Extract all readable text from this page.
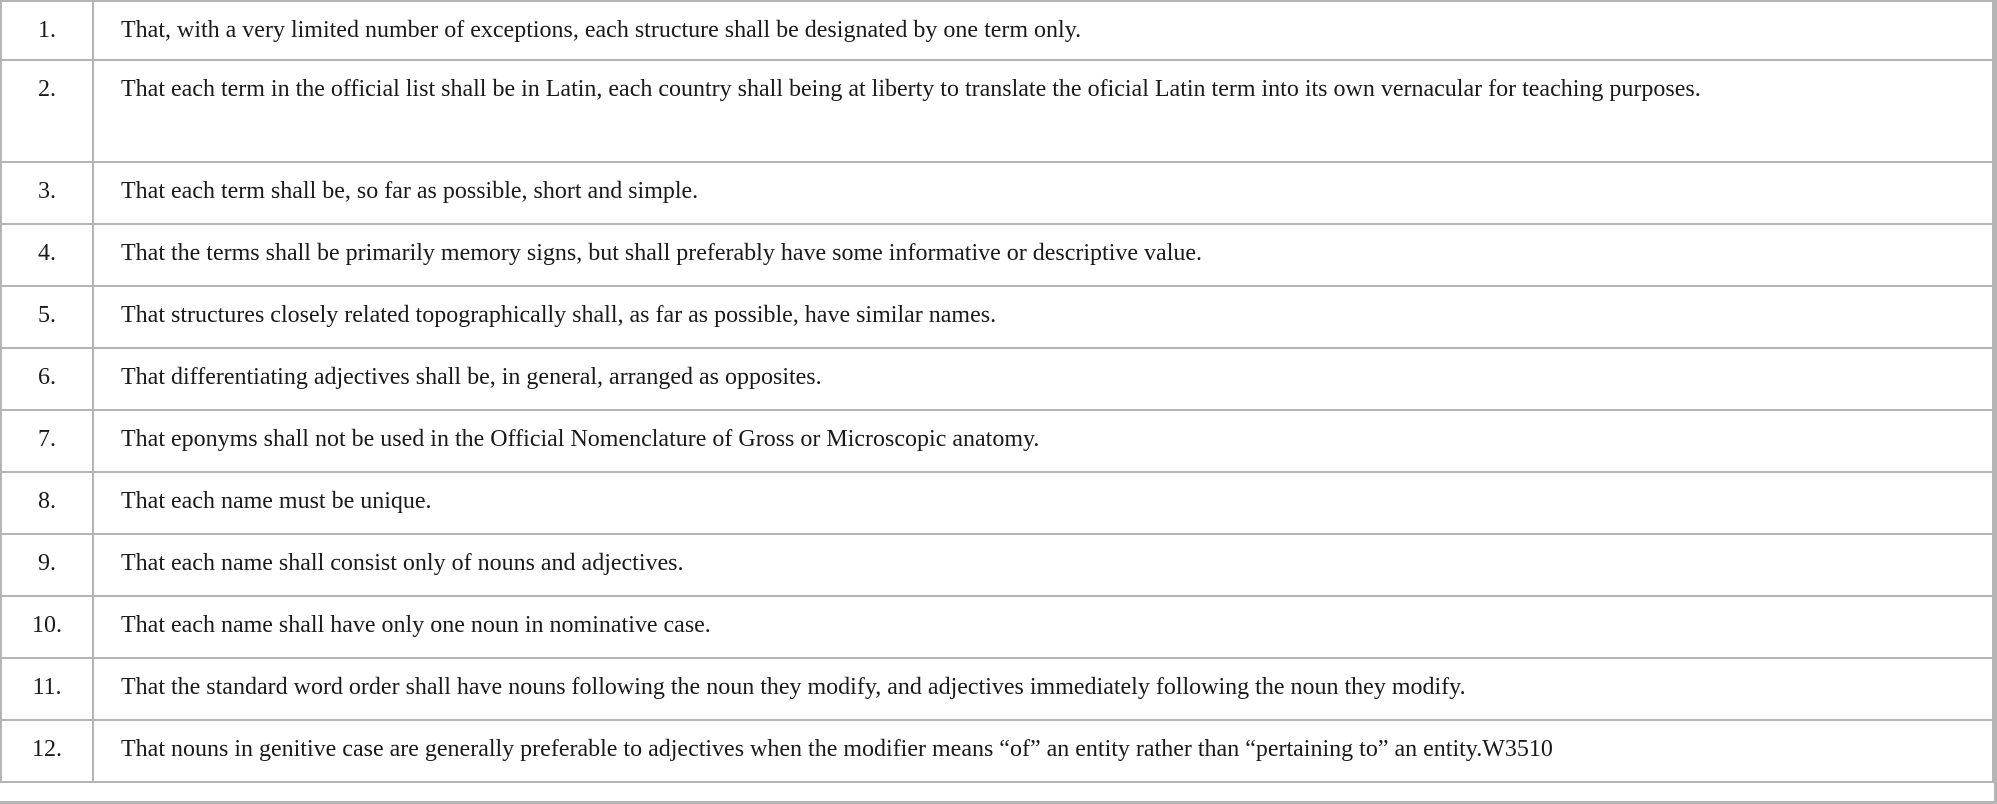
1.	That, with a very limited number of exceptions, each structure shall be designated by one term only.
2.	That each term in the official list shall be in Latin, each country shall being at liberty to translate the oficial Latin term into its own vernacular for teaching purposes.
3.	That each term shall be, so far as possible, short and simple.
4.	That the terms shall be primarily memory signs, but shall preferably have some informative or descriptive value.
5.	That structures closely related topographically shall, as far as possible, have similar names.
6.	That differentiating adjectives shall be, in general, arranged as opposites.
7.	That eponyms shall not be used in the Official Nomenclature of Gross or Microscopic anatomy.
8.	That each name must be unique.
9.	That each name shall consist only of nouns and adjectives.
10.	That each name shall have only one noun in nominative case.
11.	That the standard word order shall have nouns following the noun they modify, and adjectives immediately following the noun they modify.
12.	That nouns in genitive case are generally preferable to adjectives when the modifier means “of” an entity rather than “pertaining to” an entity.W3510
